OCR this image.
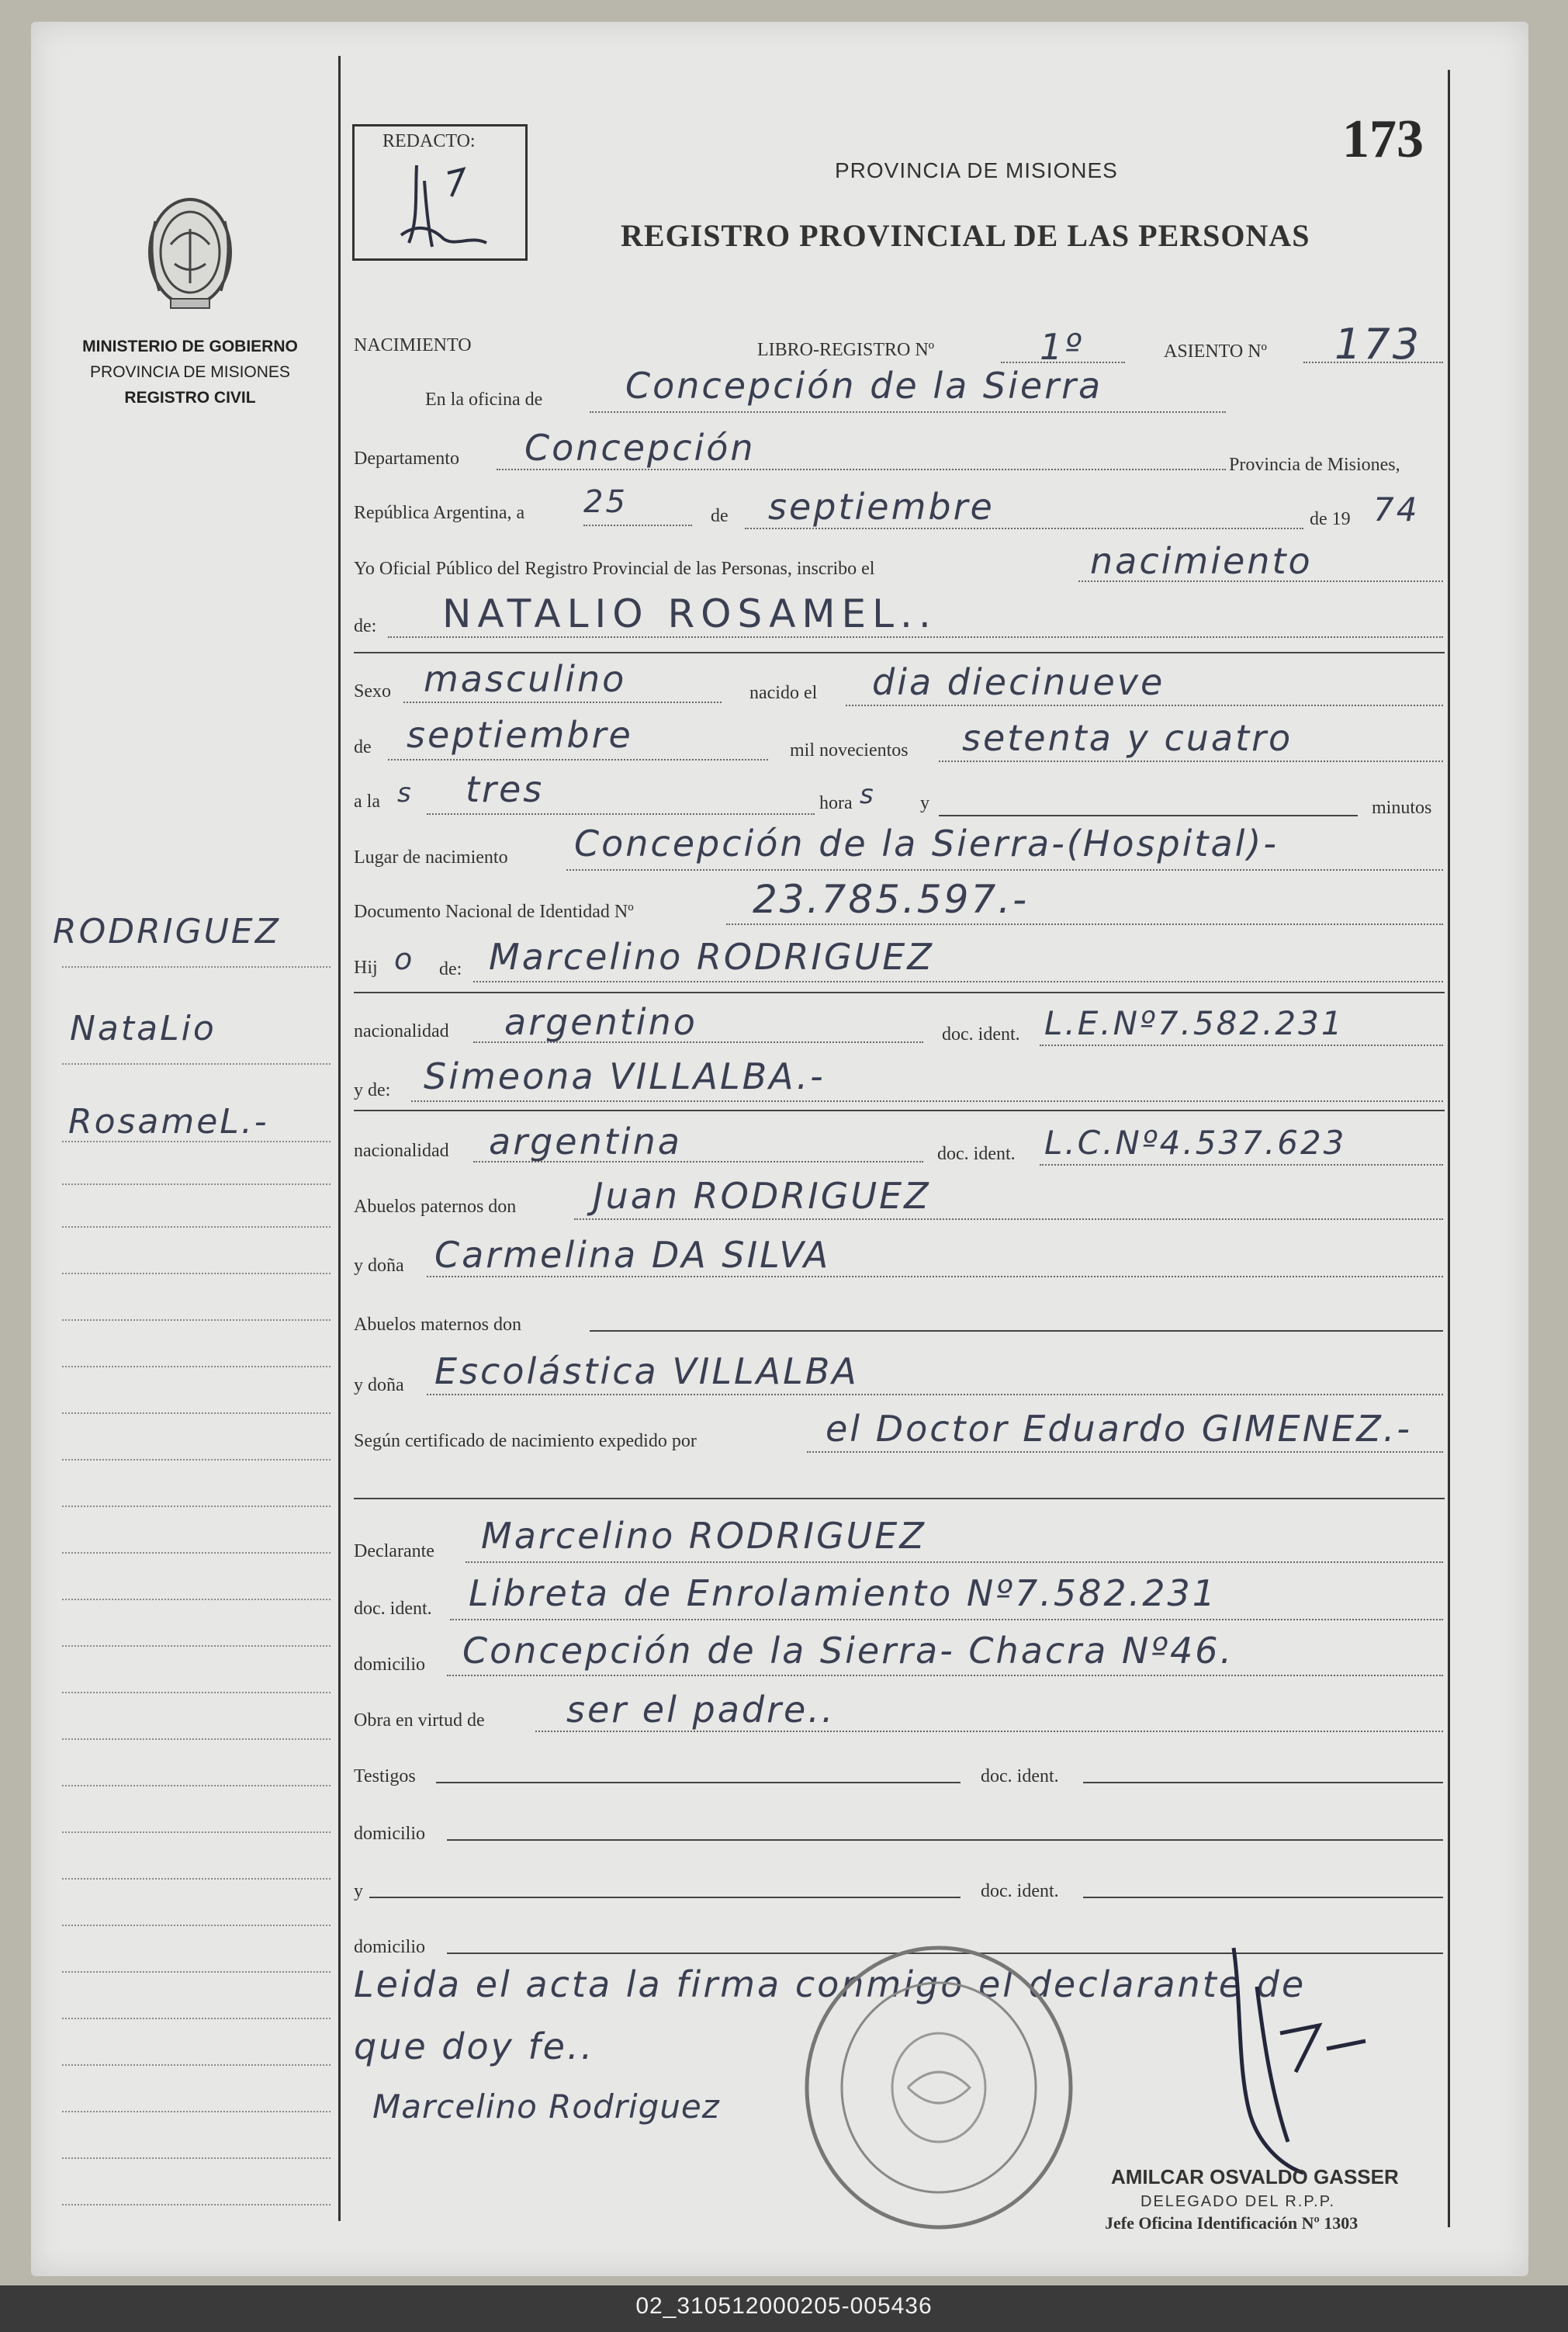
REDACTO:	173
PROVINCIA DE MISIONES
REGISTRO PROVINCIAL DE LAS PERSONAS
MINISTERIO DE GOBIERNO
PROVINCIA DE MISIONES
REGISTRO CIVIL
RODRIGUEZ
NataLio
RosameL.-
NACIMIENTO	LIBRO-REGISTRO Nº	1º	ASIENTO Nº 173
En la oficina de Concepción de la Sierra
Departamento Concepción	Provincia de Misiones,
República Argentina, a 25	de septiembre	de 19 74
Yo Oficial Público del Registro Provincial de las Personas, inscribo el	nacimiento
de: NATALIO ROSAMEL..
Sexo masculino	nacido el dia diecinueve
de septiembre	mil novecientos setenta y cuatro
a la s tres	hora s y	minutos
Lugar de nacimiento Concepción de la Sierra-(Hospital)-
Documento Nacional de Identidad Nº	23.785.597.-
Hij o de: Marcelino RODRIGUEZ
nacionalidad argentino	doc. ident. L.E.Nº7.582.231
y de: Simeona VILLALBA.-
nacionalidad argentina	doc. ident. L.C.Nº4.537.623
Abuelos paternos don Juan RODRIGUEZ
y doña Carmelina DA SILVA
Abuelos maternos don
y doña Escolástica VILLALBA
Según certificado de nacimiento expedido por	el Doctor Eduardo GIMENEZ.-
Declarante Marcelino RODRIGUEZ
doc. ident. Libreta de Enrolamiento Nº7.582.231
domicilio Concepción de la Sierra- Chacra Nº46.
Obra en virtud de ser el padre..
Testigos	doc. ident.
domicilio
y	doc. ident.
domicilio
Leida el acta la firma conmigo el declarante de
que doy fe..
Marcelino Rodriguez
AMILCAR OSVALDO GASSER
DELEGADO DEL R.P.P.
Jefe Oficina Identificación Nº 1303
02_310512000205-005436
